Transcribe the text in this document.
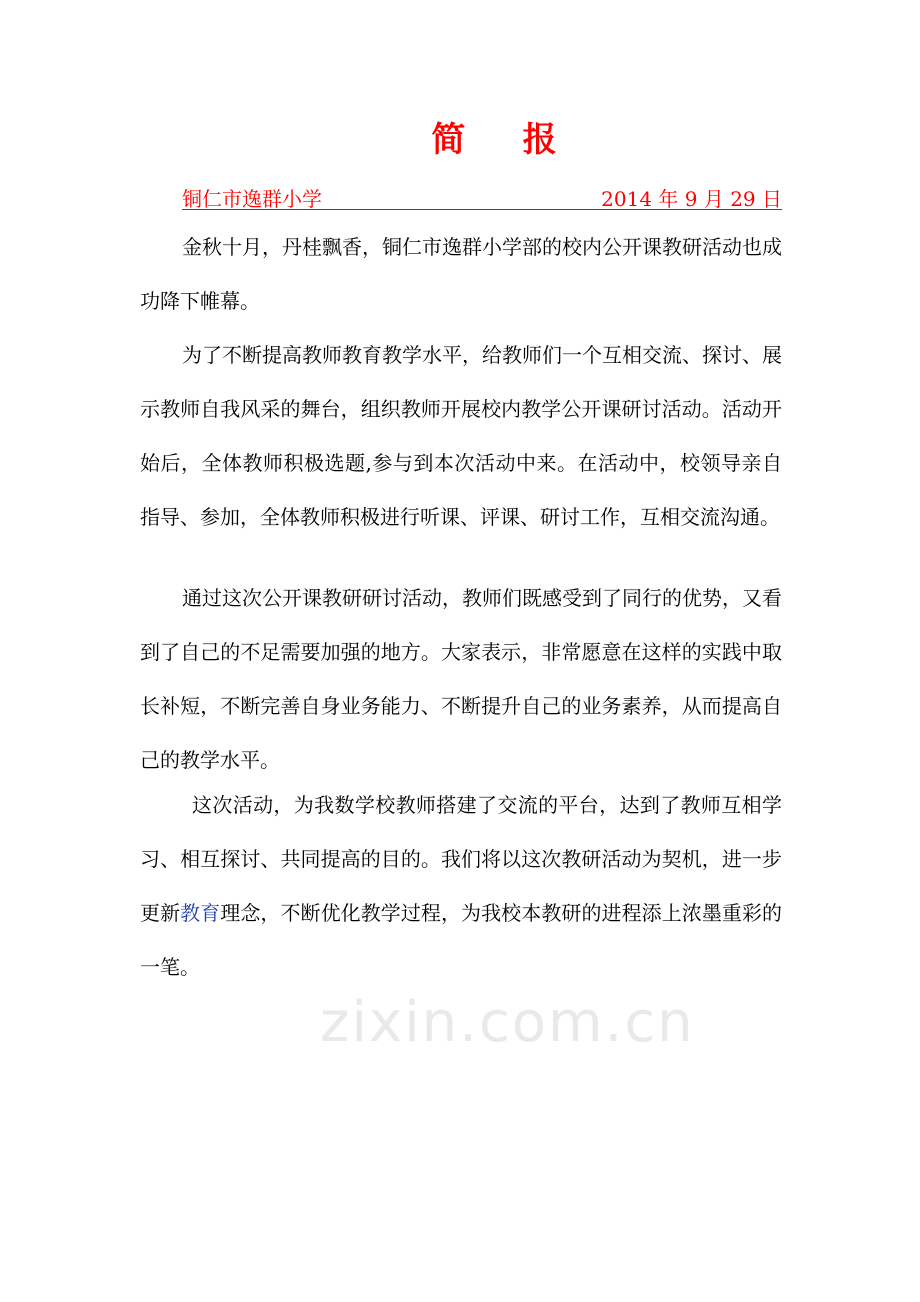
简    报
铜仁市逸群小学	2014 年 9 月 29 日

金秋十月，丹桂飘香，铜仁市逸群小学部的校内公开课教研活动也成功降下帷幕。

为了不断提高教师教育教学水平，给教师们一个互相交流、探讨、展示教师自我风采的舞台，组织教师开展校内教学公开课研讨活动。活动开始后，全体教师积极选题,参与到本次活动中来。在活动中，校领导亲自指导、参加，全体教师积极进行听课、评课、研讨工作，互相交流沟通。

通过这次公开课教研研讨活动，教师们既感受到了同行的优势，又看到了自己的不足需要加强的地方。大家表示，非常愿意在这样的实践中取长补短，不断完善自身业务能力、不断提升自己的业务素养，从而提高自己的教学水平。

这次活动，为我数学校教师搭建了交流的平台，达到了教师互相学习、相互探讨、共同提高的目的。我们将以这次教研活动为契机，进一步更新教育理念，不断优化教学过程，为我校本教研的进程添上浓墨重彩的一笔。

zixin.com.cn
